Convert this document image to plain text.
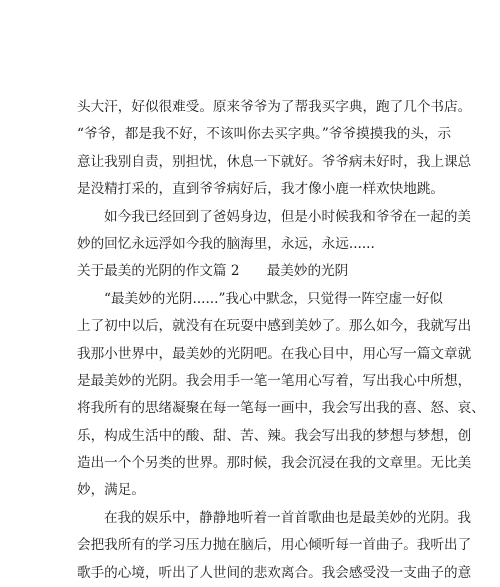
头大汗，好似很难受。原来爷爷为了帮我买字典，跑了几个书店。
“爷爷，都是我不好，不该叫你去买字典。”爷爷摸摸我的头，示
意让我别自责，别担忧，休息一下就好。爷爷病未好时，我上课总
是没精打采的，直到爷爷病好后，我才像小鹿一样欢快地跳。
如今我已经回到了爸妈身边，但是小时候我和爷爷在一起的美
妙的回忆永远浮如今我的脑海里，永远，永远......
关于最美的光阴的作文篇 2　　最美妙的光阴
“最美妙的光阴......”我心中默念，只觉得一阵空虚一好似
上了初中以后，就没有在玩耍中感到美妙了。那么如今，我就写出
我那小世界中，最美妙的光阴吧。在我心目中，用心写一篇文章就
是最美妙的光阴。我会用手一笔一笔用心写着，写出我心中所想，
将我所有的思绪凝聚在每一笔每一画中，我会写出我的喜、怒、哀、
乐，构成生活中的酸、甜、苦、辣。我会写出我的梦想与梦想，创
造出一个个另类的世界。那时候，我会沉浸在我的文章里。无比美
妙，满足。
在我的娱乐中，静静地听着一首首歌曲也是最美妙的光阴。我
会把我所有的学习压力抛在脑后，用心倾听每一首曲子。我听出了
歌手的心境，听出了人世间的悲欢离合。我会感受没一支曲子的意
